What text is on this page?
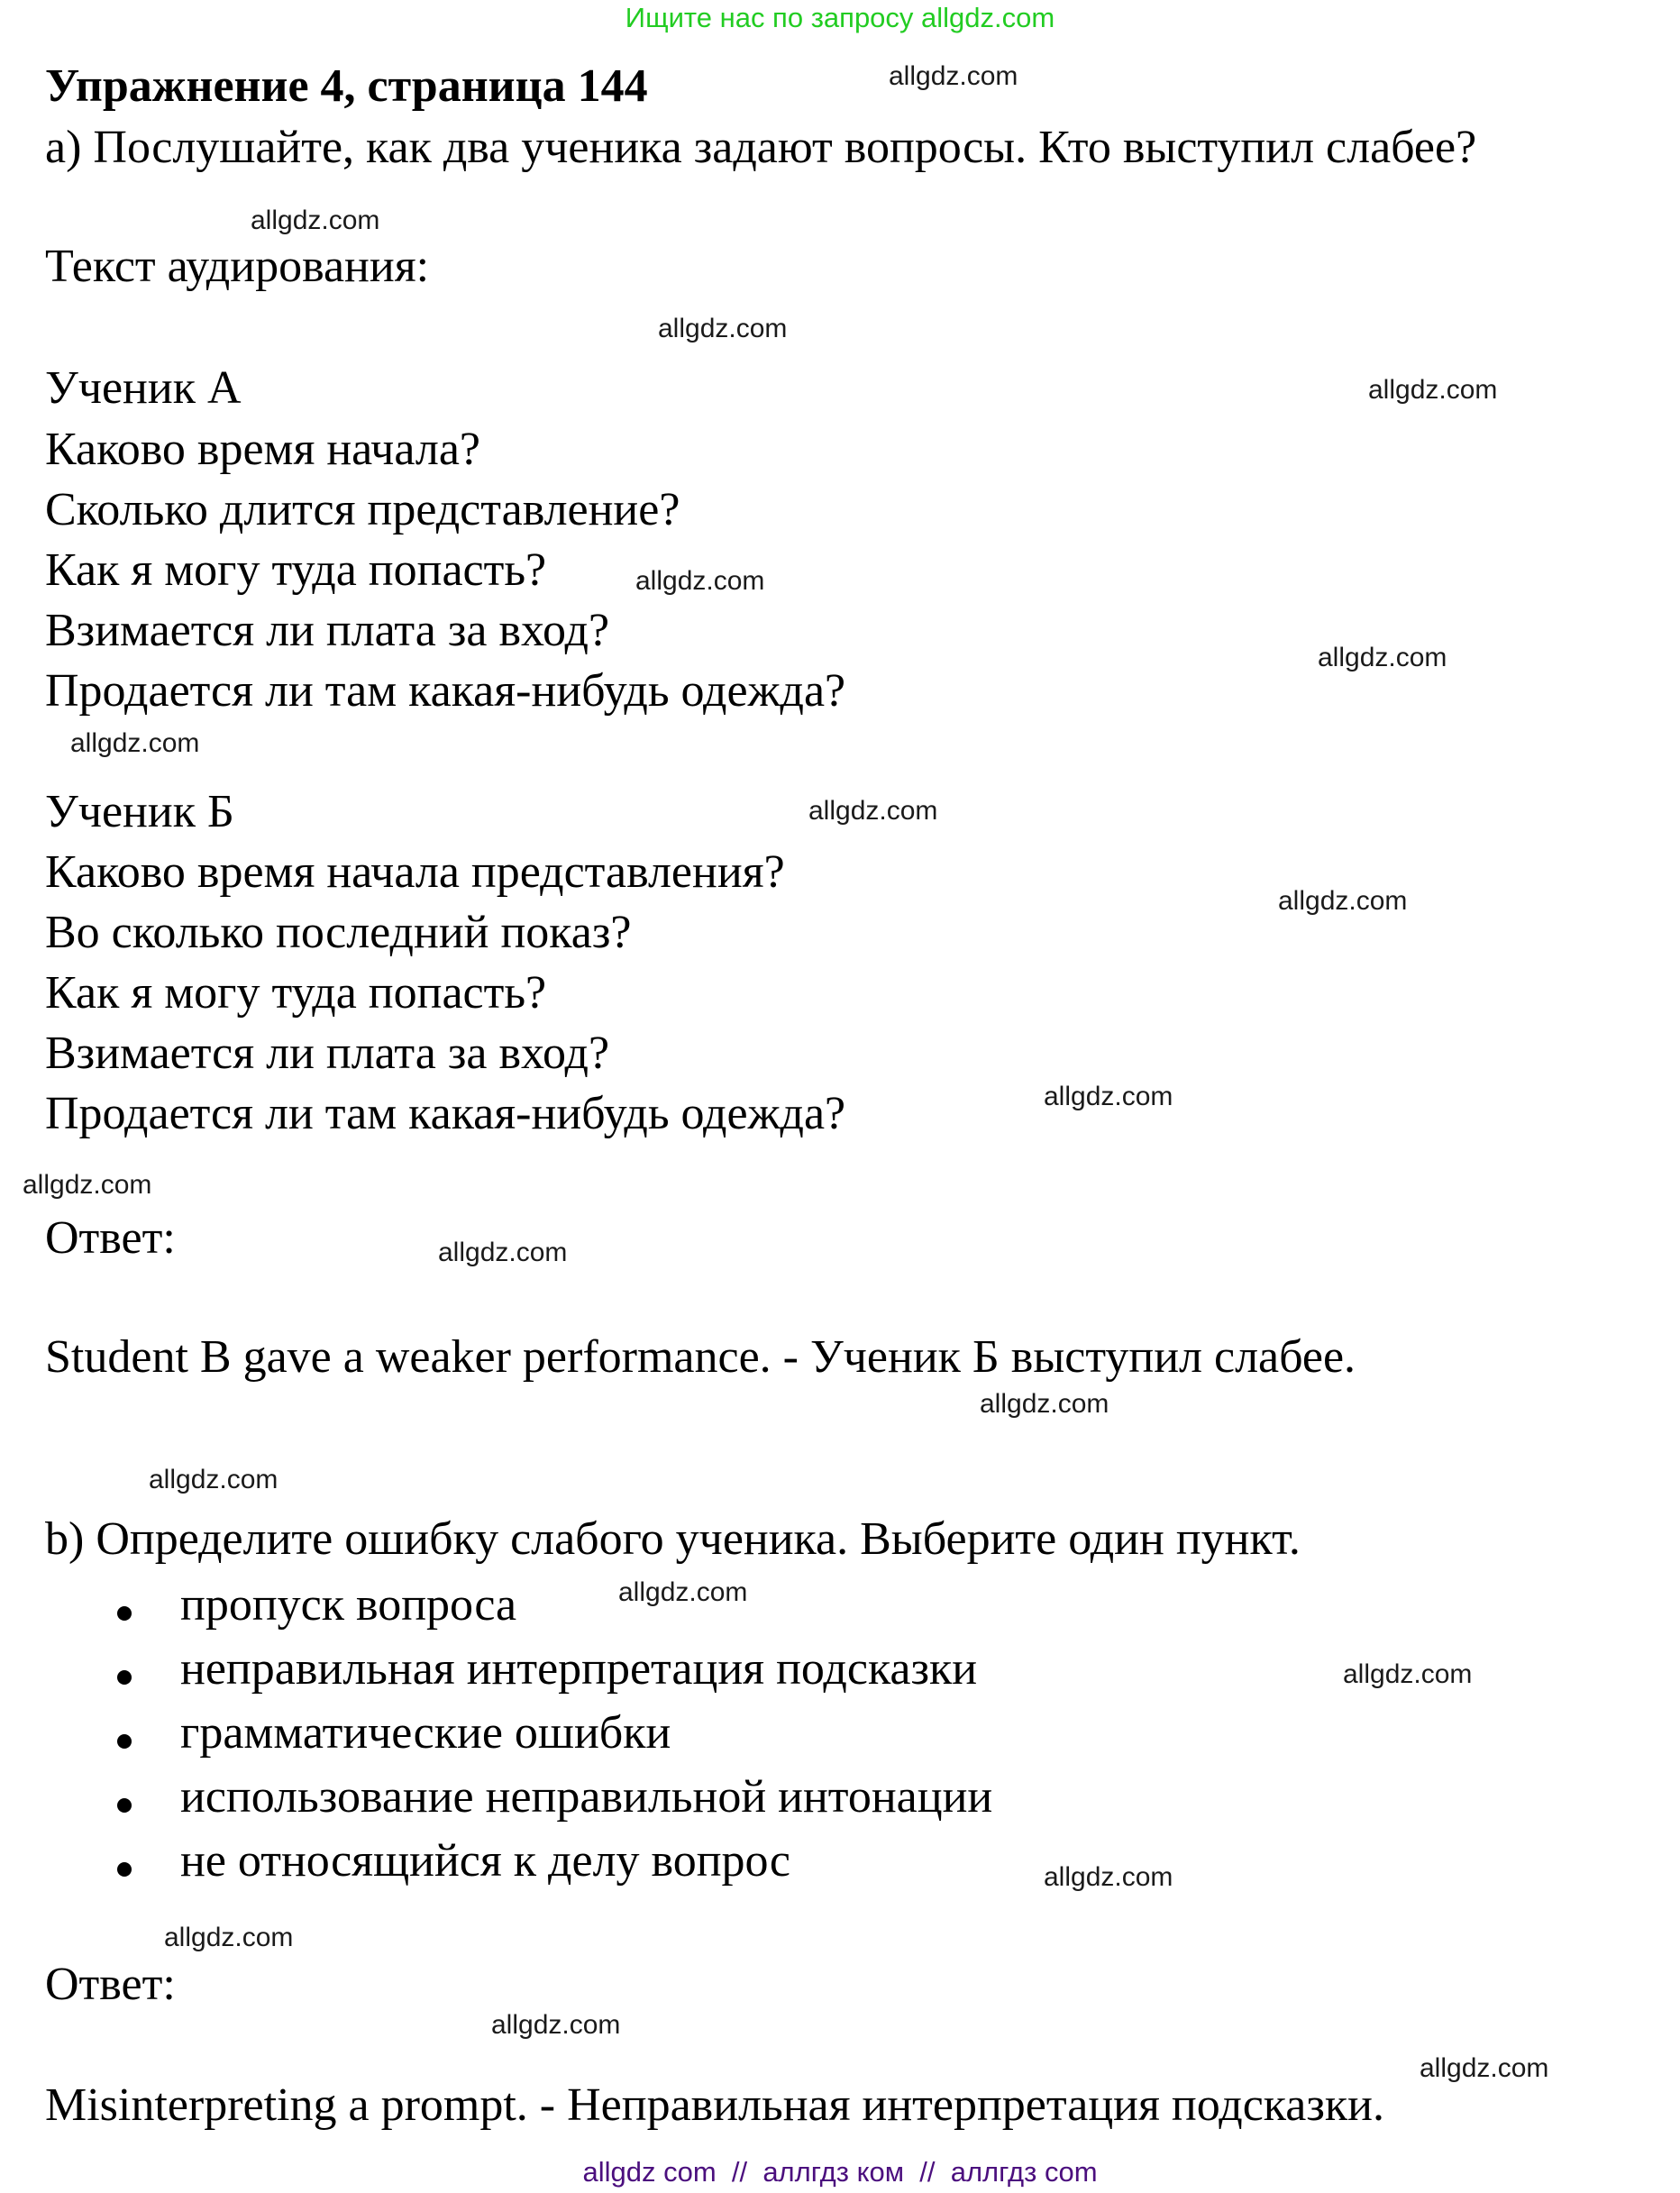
Ищите нас по запросу allgdz.com
Упражнение 4, страница 144	allgdz.com
а) Послушайте, как два ученика задают вопросы. Кто выступил слабее?
allgdz.com
Текст аудирования:
allgdz.com
Ученик А	allgdz.com
Каково время начала?
Сколько длится представление?
Как я могу туда попасть?	allgdz.com
Взимается ли плата за вход?
allgdz.com
Продается ли там какая-нибудь одежда?
allgdz.com
Ученик Б	allgdz.com
Каково время начала представления?
allgdz.com
Во сколько последний показ?
Как я могу туда попасть?
Взимается ли плата за вход?
allgdz.com
Продается ли там какая-нибудь одежда?
allgdz.com
Ответ:	allgdz.com
Student B gave a weaker performance. - Ученик Б выступил слабее.
allgdz.com
allgdz.com
b) Определите ошибку слабого ученика. Выберите один пункт.
пропуск вопроса	allgdz.com
неправильная интерпретация подсказки	allgdz.com
грамматические ошибки
использование неправильной интонации
не относящийся к делу вопрос	allgdz.com
allgdz.com
Ответ:
allgdz.com
allgdz.com
Misinterpreting a prompt. - Неправильная интерпретация подсказки.
allgdz com  //  аллгдз ком  //  аллгдз com
